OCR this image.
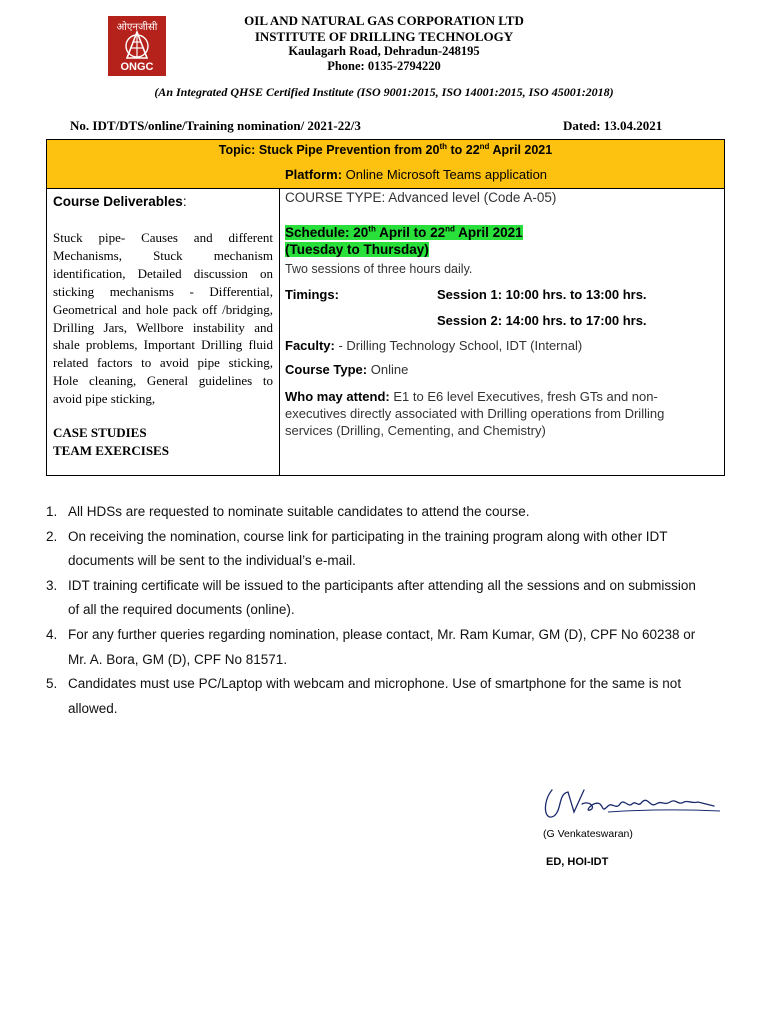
ओएनजीसी
ONGC
OIL AND NATURAL GAS CORPORATION LTD
INSTITUTE OF DRILLING TECHNOLOGY
Kaulagarh Road, Dehradun-248195
Phone: 0135-2794220
(An Integrated QHSE Certified Institute (ISO 9001:2015, ISO 14001:2015, ISO 45001:2018)
No. IDT/DTS/online/Training nomination/ 2021-22/3	Dated: 13.04.2021
Topic: Stuck Pipe Prevention from 20th to 22nd April 2021
Platform: Online Microsoft Teams application
Course Deliverables:
Stuck pipe- Causes and different Mechanisms, Stuck mechanism identification, Detailed discussion on sticking mechanisms - Differential, Geometrical and hole pack off /bridging, Drilling Jars, Wellbore instability and shale problems, Important Drilling fluid related factors to avoid pipe sticking, Hole cleaning, General guidelines to avoid pipe sticking,
CASE STUDIES
TEAM EXERCISES
COURSE TYPE: Advanced level (Code A-05)
Schedule: 20th April to 22nd April 2021
(Tuesday to Thursday)
Two sessions of three hours daily.
Timings:	Session 1: 10:00 hrs. to 13:00 hrs.
Session 2: 14:00 hrs. to 17:00 hrs.
Faculty: - Drilling Technology School, IDT (Internal)
Course Type: Online
Who may attend: E1 to E6 level Executives, fresh GTs and non-executives directly associated with Drilling operations from Drilling services (Drilling, Cementing, and Chemistry)
1. All HDSs are requested to nominate suitable candidates to attend the course.
2. On receiving the nomination, course link for participating in the training program along with other IDT documents will be sent to the individual’s e-mail.
3. IDT training certificate will be issued to the participants after attending all the sessions and on submission of all the required documents (online).
4. For any further queries regarding nomination, please contact, Mr. Ram Kumar, GM (D), CPF No 60238 or Mr. A. Bora, GM (D), CPF No 81571.
5. Candidates must use PC/Laptop with webcam and microphone. Use of smartphone for the same is not allowed.
(G Venkateswaran)
ED, HOI-IDT
